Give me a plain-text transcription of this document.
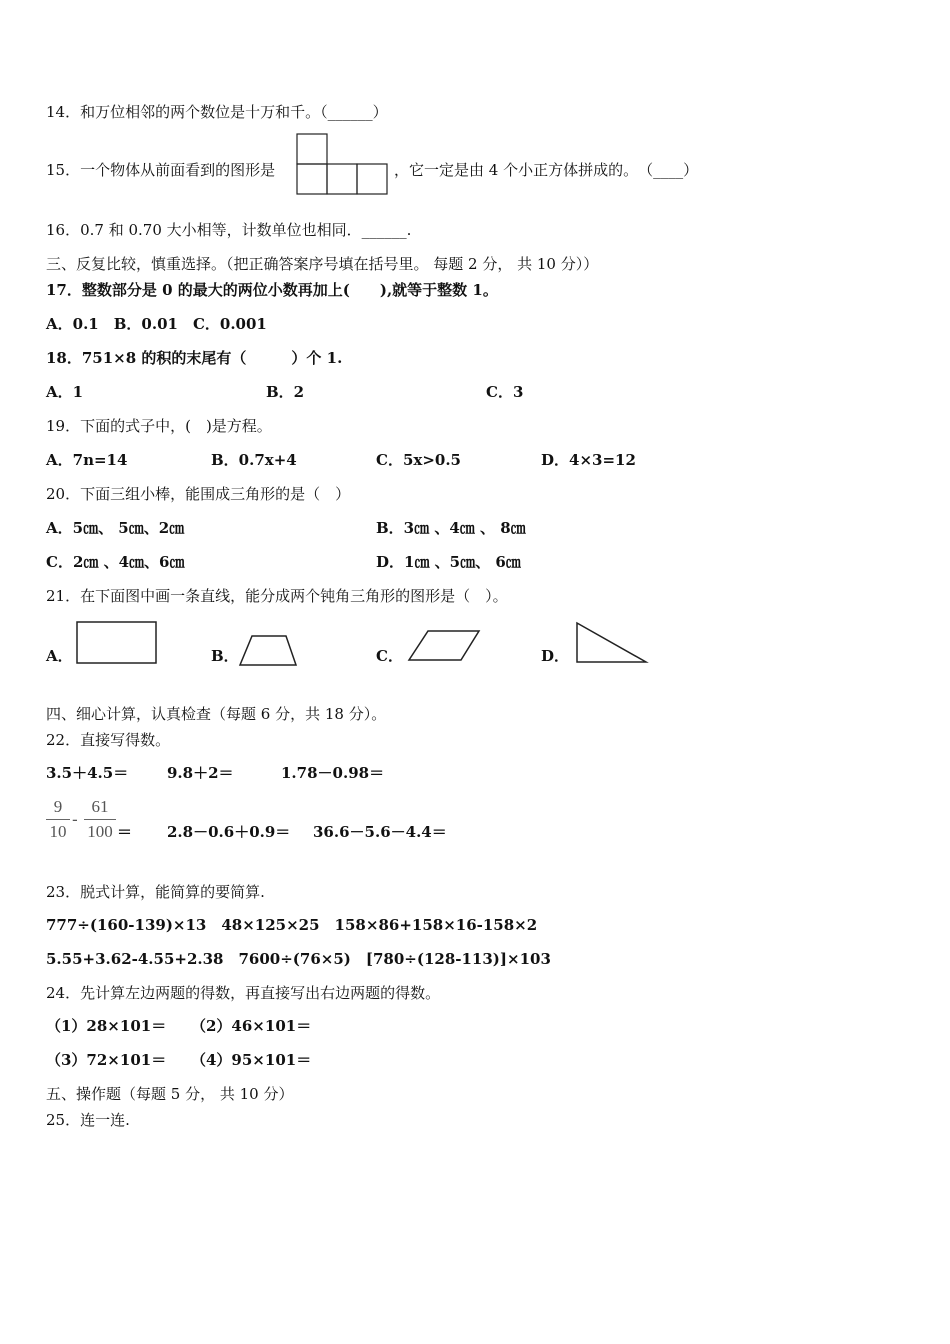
14．和万位相邻的两个数位是十万和千。（______）
15．一个物体从前面看到的图形是	，它一定是由 4 个小正方体拼成的。　（____）
16．0.7 和 0.70 大小相等，计数单位也相同．______.
三、反复比较，慎重选择。（把正确答案序号填在括号里。 每题 2 分， 共 10 分））
17．整数部分是 0 的最大的两位小数再加上(　　),就等于整数 1。
A．0.1　B．0.01　C．0.001
18．751×8 的积的末尾有（　　　）个 1.
A．1	B．2	C．3
19．下面的式子中，(　)是方程。
A．7n=14	B．0.7x+4	C．5x>0.5	D．4×3=12
20．下面三组小棒，能围成三角形的是（　）
A．5㎝、 5㎝、2㎝	B．3㎝ 、4㎝ 、 8㎝
C．2㎝ 、4㎝、6㎝	D．1㎝ 、5㎝、 6㎝
21．在下面图中画一条直线，能分成两个钝角三角形的图形是（　）。
A．	B．	C．	D．
四、细心计算，认真检查（每题 6 分，共 18 分）。
22．直接写得数。
3.5＋4.5＝	9.8＋2＝	1.78－0.98＝
9
10
-
61
100 ＝ 2.8－0.6＋0.9＝ 36.6－5.6－4.4＝
23．脱式计算，能简算的要简算.
777÷(160-139)×13　48×125×25　158×86+158×16-158×2
5.55+3.62-4.55+2.38　7600÷(76×5)　[780÷(128-113)]×103
24．先计算左边两题的得数，再直接写出右边两题的得数。
（1）28×101＝ （2）46×101＝
（3）72×101＝ （4）95×101＝
五、操作题（每题 5 分， 共 10 分）
25．连一连.
